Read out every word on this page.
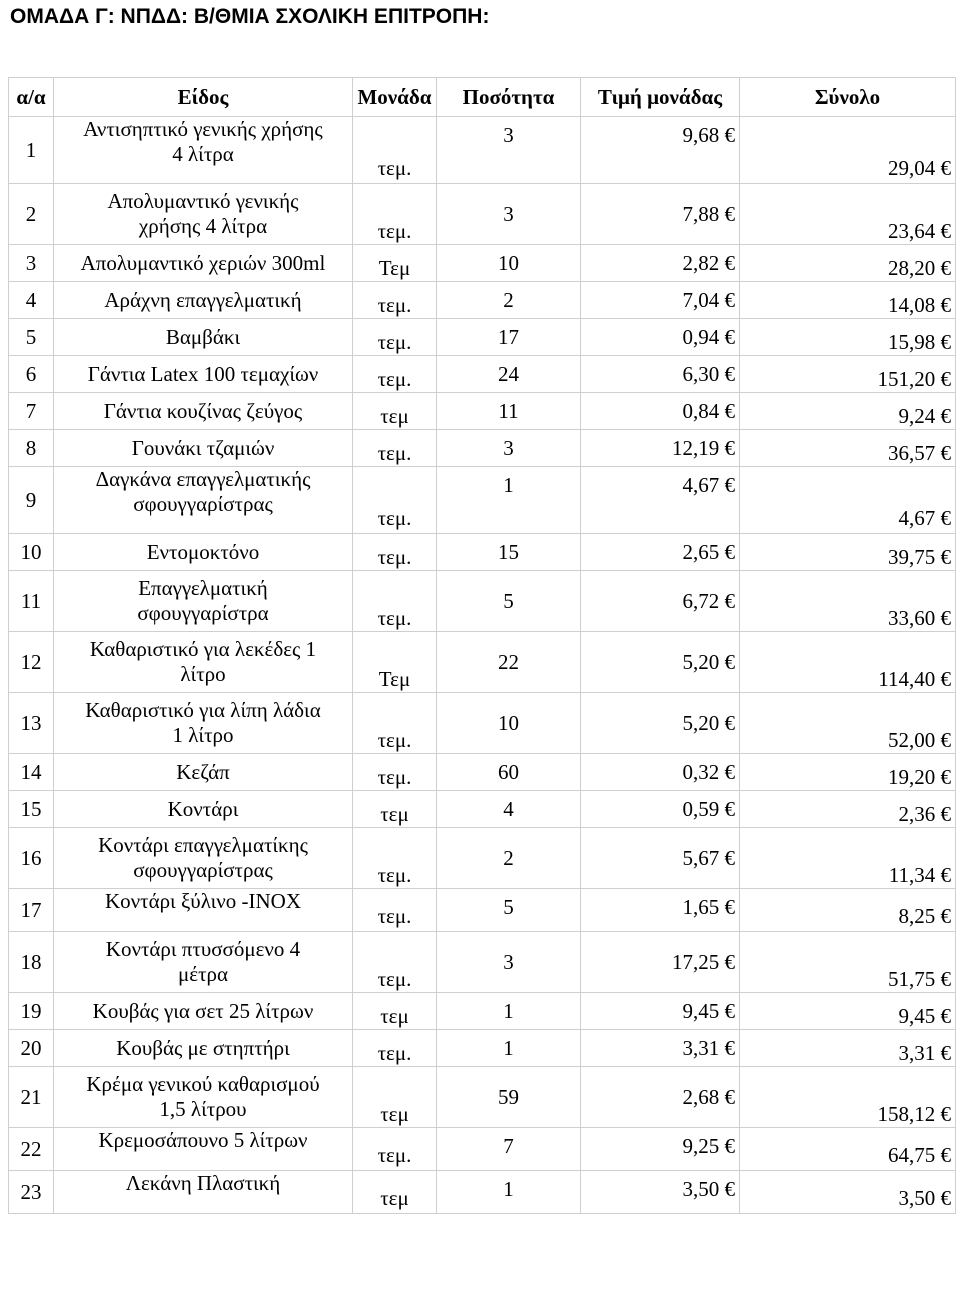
ΟΜΑΔΑ Γ: ΝΠΔΔ: Β/ΘΜΙΑ ΣΧΟΛΙΚΗ ΕΠΙΤΡΟΠΗ:
α/α	Είδος	Μονάδα	Ποσότητα	Τιμή μονάδας	Σύνολο
1	Αντισηπτικό γενικής χρήσης
4 λίτρα	τεμ.	3	9,68 €	29,04 €
2	Απολυμαντικό γενικής
χρήσης 4 λίτρα	τεμ.	3	7,88 €	23,64 €
3	Απολυμαντικό χεριών 300ml	Τεμ	10	2,82 €	28,20 €
4	Αράχνη επαγγελματική	τεμ.	2	7,04 €	14,08 €
5	Βαμβάκι	τεμ.	17	0,94 €	15,98 €
6	Γάντια Latex 100 τεμαχίων	τεμ.	24	6,30 €	151,20 €
7	Γάντια κουζίνας ζεύγος	τεμ	11	0,84 €	9,24 €
8	Γουνάκι τζαμιών	τεμ.	3	12,19 €	36,57 €
9	Δαγκάνα επαγγελματικής
σφουγγαρίστρας	τεμ.	1	4,67 €	4,67 €
10	Εντομοκτόνο	τεμ.	15	2,65 €	39,75 €
11	Επαγγελματική
σφουγγαρίστρα	τεμ.	5	6,72 €	33,60 €
12	Καθαριστικό για λεκέδες 1
λίτρο	Τεμ	22	5,20 €	114,40 €
13	Καθαριστικό για λίπη λάδια
1 λίτρο	τεμ.	10	5,20 €	52,00 €
14	Κεζάπ	τεμ.	60	0,32 €	19,20 €
15	Κοντάρι	τεμ	4	0,59 €	2,36 €
16	Κοντάρι επαγγελματίκης
σφουγγαρίστρας	τεμ.	2	5,67 €	11,34 €
17	Κοντάρι ξύλινο -INOX	τεμ.	5	1,65 €	8,25 €
18	Κοντάρι πτυσσόμενο 4
μέτρα	τεμ.	3	17,25 €	51,75 €
19	Κουβάς για σετ 25 λίτρων	τεμ	1	9,45 €	9,45 €
20	Κουβάς με στηπτήρι	τεμ.	1	3,31 €	3,31 €
21	Κρέμα γενικού καθαρισμού
1,5 λίτρου	τεμ	59	2,68 €	158,12 €
22	Κρεμοσάπουνο 5 λίτρων	τεμ.	7	9,25 €	64,75 €
23	Λεκάνη Πλαστική	τεμ	1	3,50 €	3,50 €
